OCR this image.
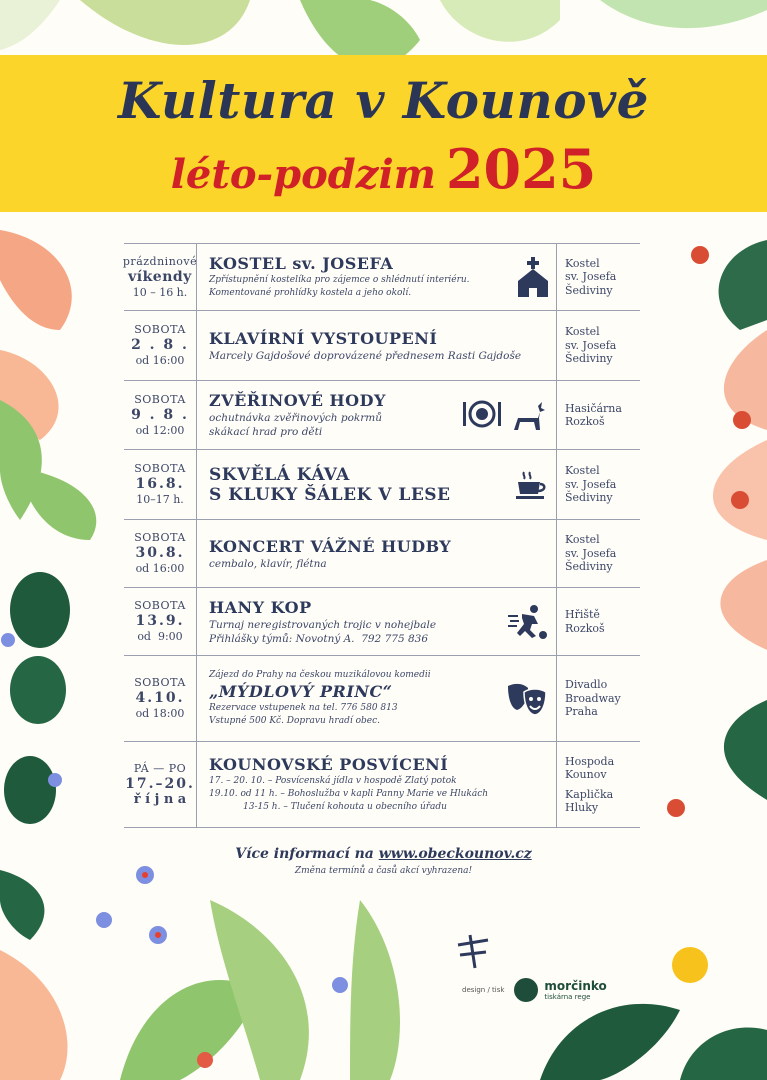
Kultura v Kounově
léto-podzim 2025
prázdninové
víkendy
10 – 16 h.
KOSTEL sv. JOSEFA
Zpřístupnění kostelíka pro zájemce o shlédnutí interiéru.
Komentované prohlídky kostela a jeho okolí.
Kostel
sv. Josefa
Šediviny
SOBOTA
2 . 8 .
od 16:00
KLAVÍRNÍ VYSTOUPENÍ
Marcely Gajdošové doprovázené přednesem Rasti Gajdoše
Kostel
sv. Josefa
Šediviny
SOBOTA
9 . 8 .
od 12:00
ZVĚŘINOVÉ HODY
ochutnávka zvěřinových pokrmů
skákací hrad pro děti
Hasičárna
Rozkoš
SOBOTA
16.8.
10–17 h.
SKVĚLÁ KÁVA
S KLUKY ŠÁLEK V LESE
Kostel
sv. Josefa
Šediviny
SOBOTA
30.8.
od 16:00
KONCERT VÁŽNÉ HUDBY
cembalo, klavír, flétna
Kostel
sv. Josefa
Šediviny
SOBOTA
13.9.
od  9:00
HANY KOP
Turnaj neregistrovaných trojic v nohejbale
Přihlášky týmů: Novotný A.  792 775 836
Hřiště
Rozkoš
SOBOTA
4.10.
od 18:00
Zájezd do Prahy na českou muzikálovou komedii
„MÝDLOVÝ PRINC“
Rezervace vstupenek na tel. 776 580 813
Vstupné 500 Kč. Dopravu hradí obec.
Divadlo
Broadway
Praha
PÁ — PO
17.–20.
ř í j n a
KOUNOVSKÉ POSVÍCENÍ
17. – 20. 10. – Posvícenská jídla v hospodě Zlatý potok
19.10. od 11 h. – Bohoslužba v kapli Panny Marie ve Hlukách
13-15 h. – Tlučení kohouta u obecního úřadu
Hospoda
Kounov
Kaplička
Hluky
Více informací na www.obeckounov.cz
Změna termínů a časů akcí vyhrazena!
design / tisk	morčinko
tiskárna rege
